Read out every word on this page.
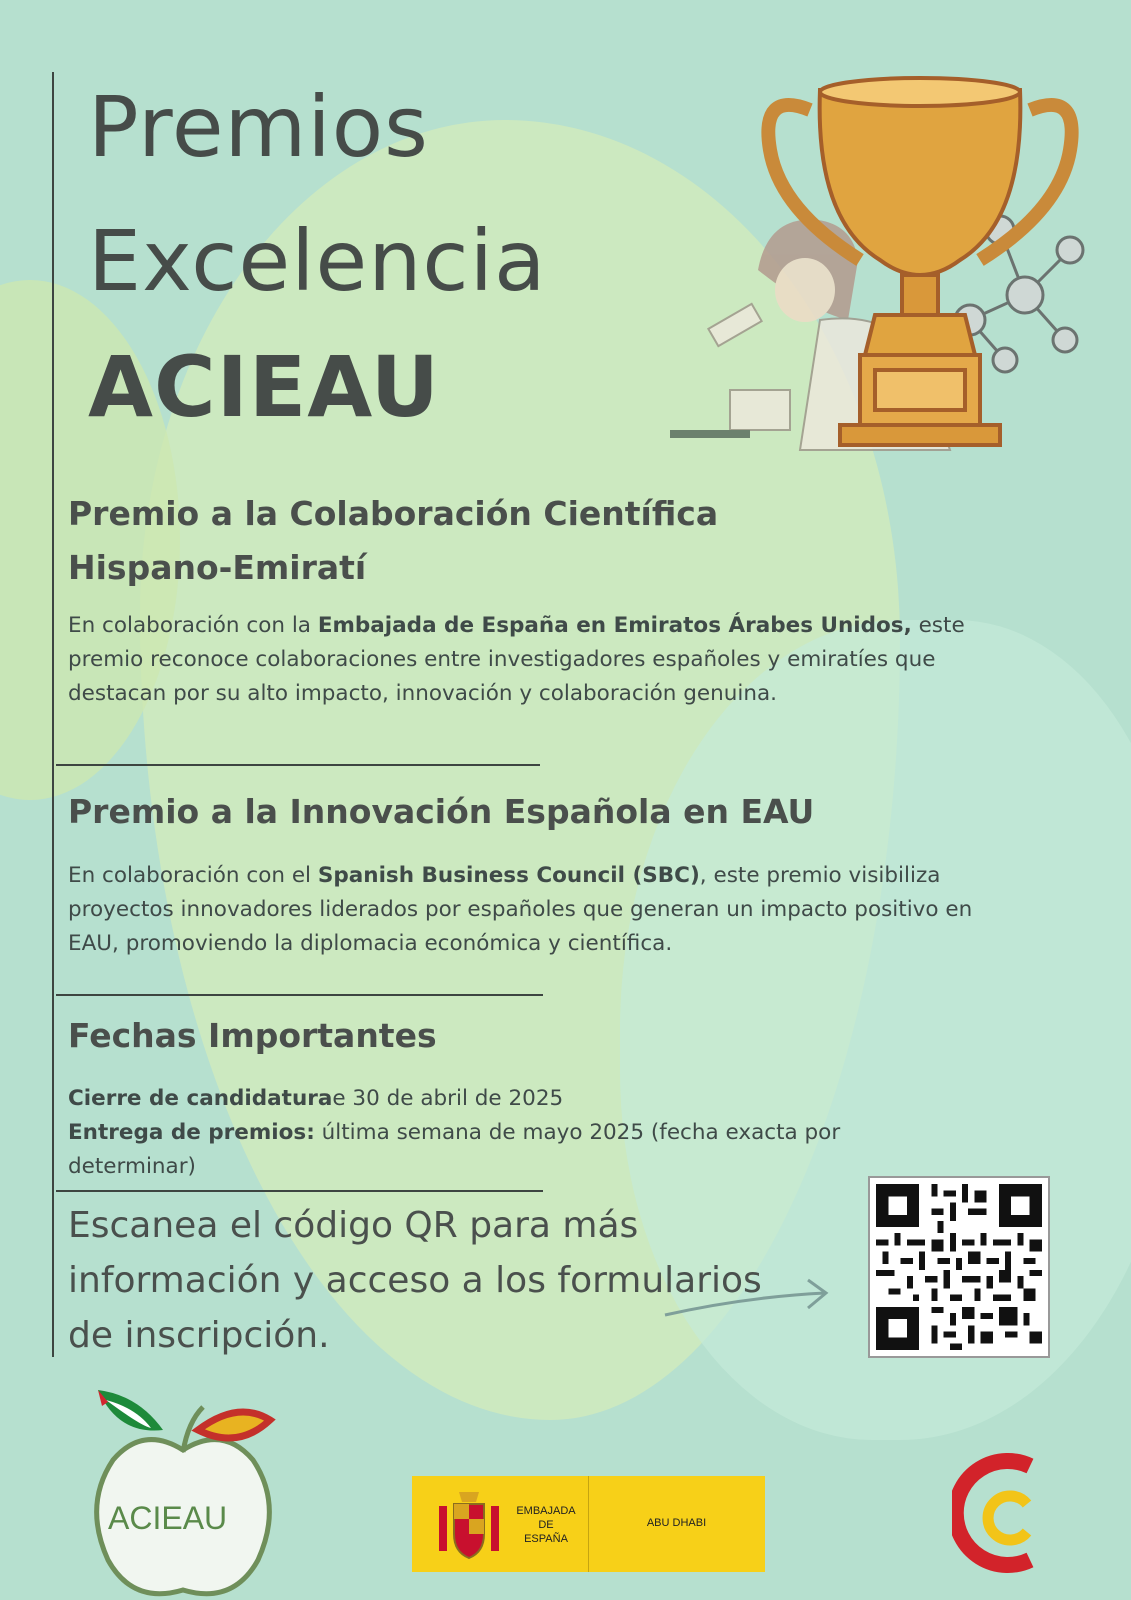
Premios
Excelencia
ACIEAU
Premio a la Colaboración Científica
Hispano-Emiratí

En colaboración con la Embajada de España en Emiratos Árabes Unidos, este premio reconoce colaboraciones entre investigadores españoles y emiratíes que destacan por su alto impacto, innovación y colaboración genuina.

Premio a la Innovación Española en EAU

En colaboración con el Spanish Business Council (SBC), este premio visibiliza proyectos innovadores liderados por españoles que generan un impacto positivo en EAU, promoviendo la diplomacia económica y científica.

Fechas Importantes

Cierre de candidaturae 30 de abril de 2025
Entrega de premios: última semana de mayo 2025 (fecha exacta por determinar)

Escanea el código QR para más información y acceso a los formularios de inscripción.

ACIEAU	EMBAJADA
DE
ESPAÑA
ABU DHABI
